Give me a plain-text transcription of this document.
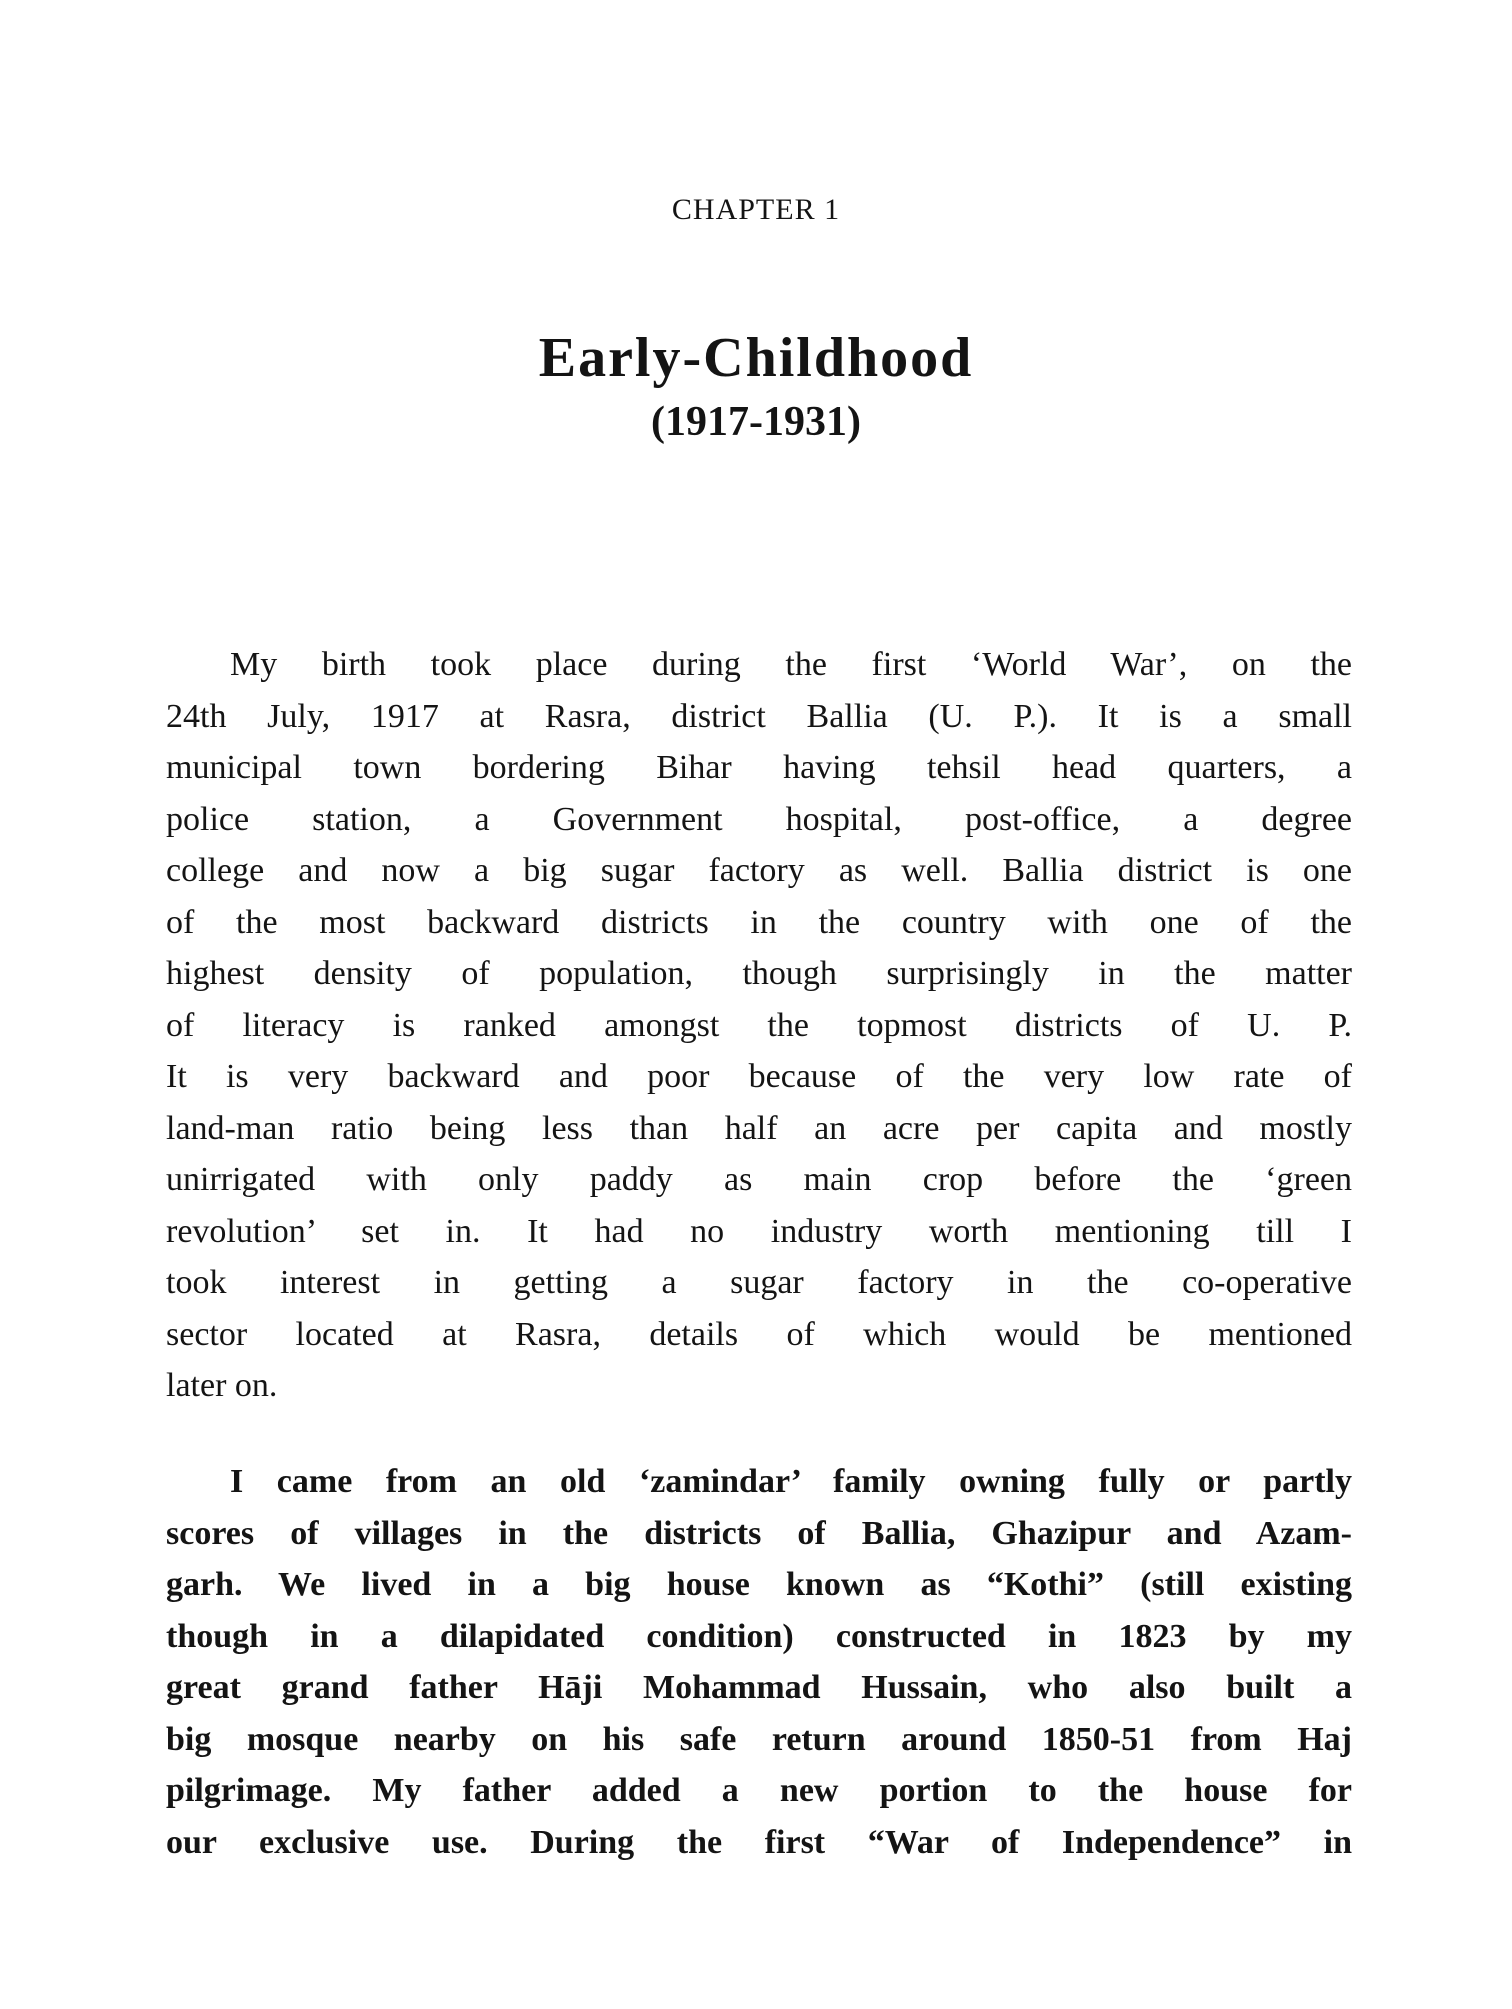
CHAPTER 1
Early-Childhood
(1917-1931)
My birth took place during the first ‘World War’, on the
24th July, 1917 at Rasra, district Ballia (U. P.). It is a small
municipal town bordering Bihar having tehsil head quarters, a
police station, a Government hospital, post-office, a degree
college and now a big sugar factory as well. Ballia district is one
of the most backward districts in the country with one of the
highest density of population, though surprisingly in the matter
of literacy is ranked amongst the topmost districts of U. P.
It is very backward and poor because of the very low rate of
land-man ratio being less than half an acre per capita and mostly
unirrigated with only paddy as main crop before the ‘green
revolution’ set in. It had no industry worth mentioning till I
took interest in getting a sugar factory in the co-operative
sector located at Rasra, details of which would be mentioned
later on.
I came from an old ‘zamindar’ family owning fully or partly
scores of villages in the districts of Ballia, Ghazipur and Azam-
garh. We lived in a big house known as “Kothi” (still existing
though in a dilapidated condition) constructed in 1823 by my
great grand father Hāji Mohammad Hussain, who also built a
big mosque nearby on his safe return around 1850-51 from Haj
pilgrimage. My father added a new portion to the house for
our exclusive use. During the first “War of Independence” in
